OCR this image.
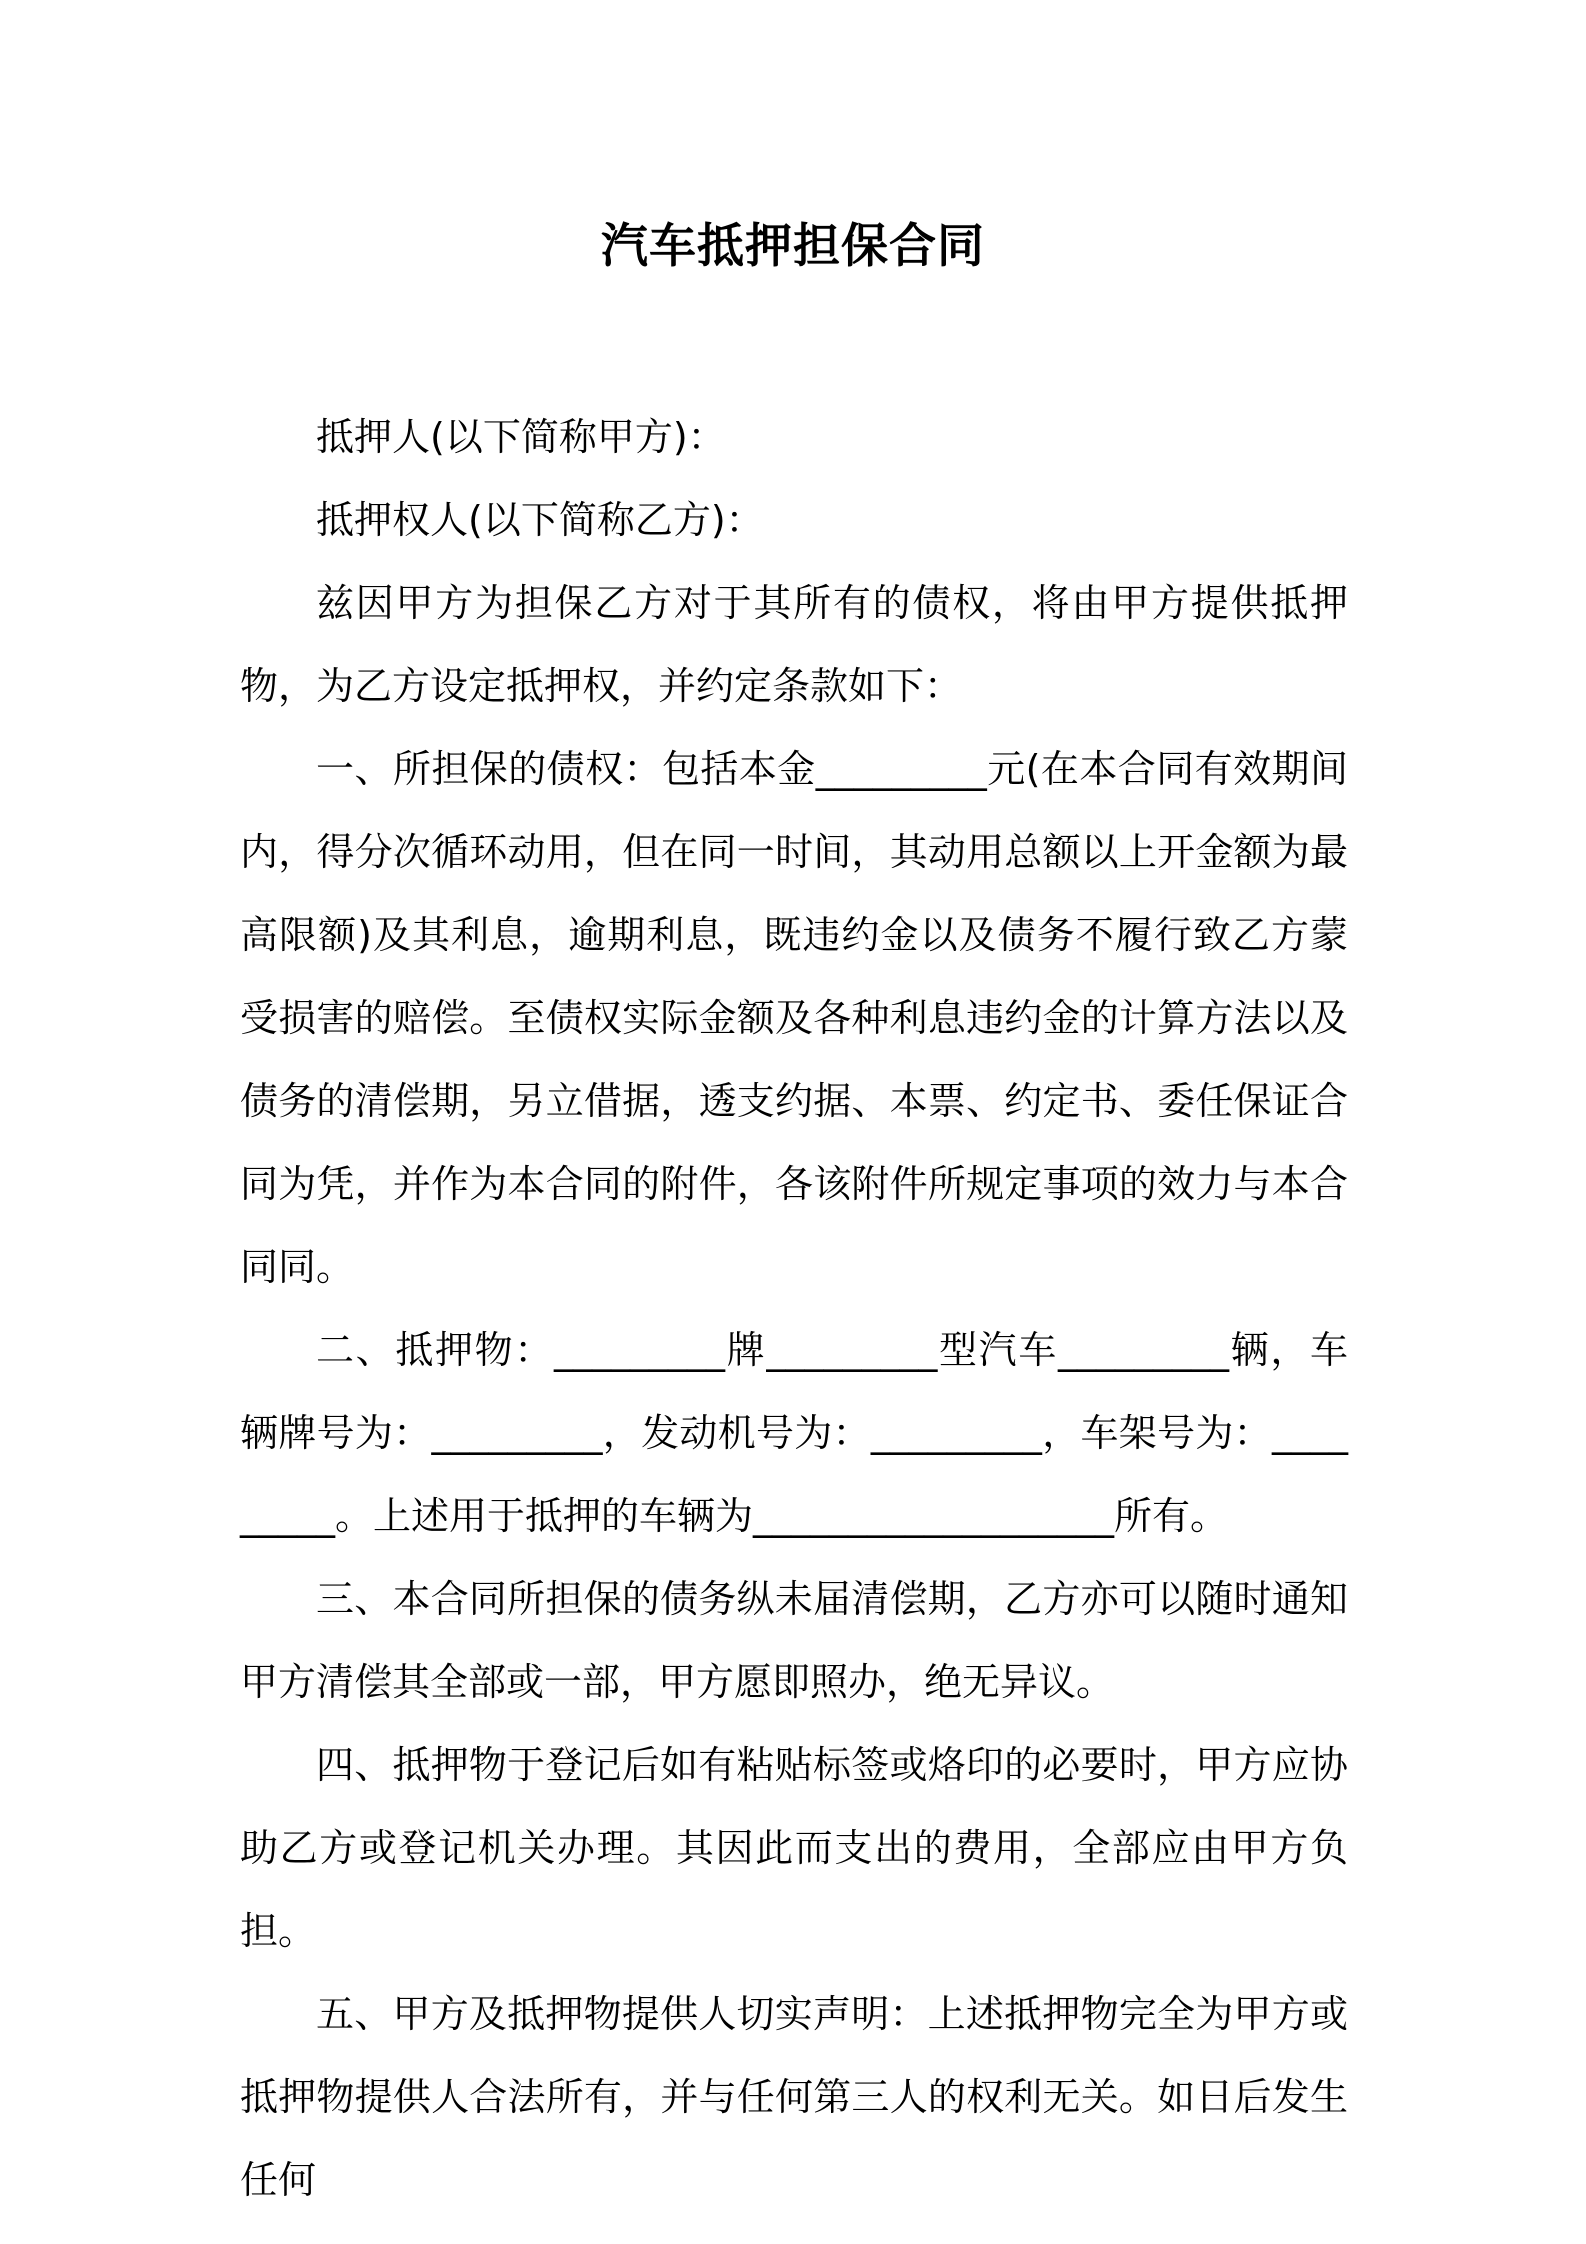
汽车抵押担保合同

抵押人(以下简称甲方)：

抵押权人(以下简称乙方)：

兹因甲方为担保乙方对于其所有的债权，将由甲方提供抵押物，为乙方设定抵押权，并约定条款如下：

一、所担保的债权：包括本金_________元(在本合同有效期间内，得分次循环动用，但在同一时间，其动用总额以上开金额为最高限额)及其利息，逾期利息，既违约金以及债务不履行致乙方蒙受损害的赔偿。至债权实际金额及各种利息违约金的计算方法以及债务的清偿期，另立借据，透支约据、本票、约定书、委任保证合同为凭，并作为本合同的附件，各该附件所规定事项的效力与本合同同。

二、抵押物：_________牌_________型汽车_________辆，车辆牌号为：_________，发动机号为：_________，车架号为：_________。上述用于抵押的车辆为___________________所有。

三、本合同所担保的债务纵未届清偿期，乙方亦可以随时通知甲方清偿其全部或一部，甲方愿即照办，绝无异议。

四、抵押物于登记后如有粘贴标签或烙印的必要时，甲方应协助乙方或登记机关办理。其因此而支出的费用，全部应由甲方负担。

五、甲方及抵押物提供人切实声明：上述抵押物完全为甲方或抵押物提供人合法所有，并与任何第三人的权利无关。如日后发生任何
